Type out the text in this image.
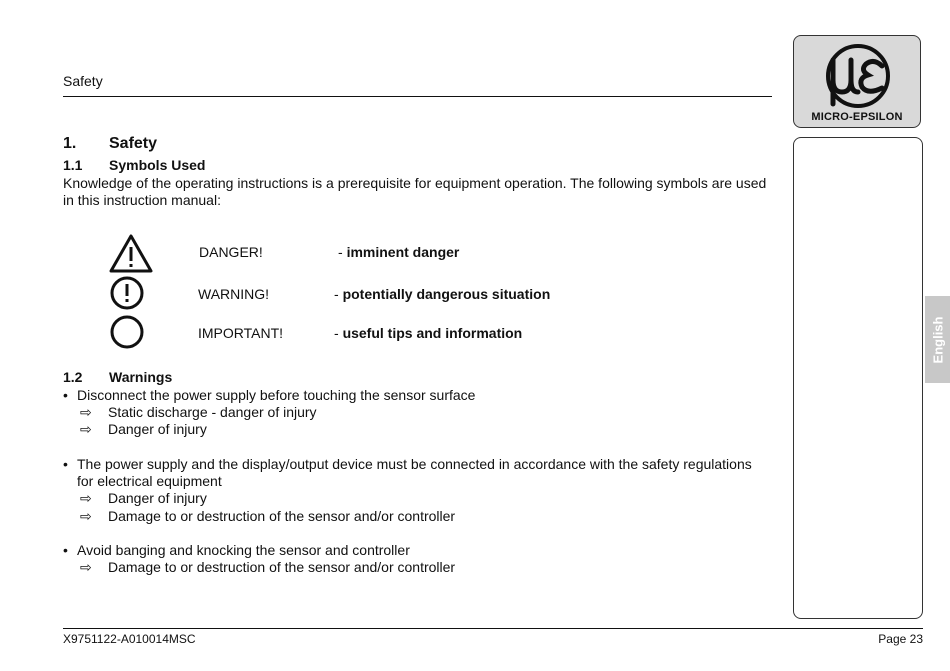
Safety
MICRO-EPSILON
English
1. Safety
1.1 Symbols Used

Knowledge of the operating instructions is a prerequisite for equipment operation. The following symbols are used in this instruction manual:

DANGER!	- imminent danger
WARNING!	- potentially dangerous situation
IMPORTANT!	- useful tips and information
1.2 Warnings
• Disconnect the power supply before touching the sensor surface
⇨	Static discharge - danger of injury
⇨	Danger of injury
• The power supply and the display/output device must be connected in accordance with the safety regulations for electrical equipment
⇨	Danger of injury
⇨	Damage to or destruction of the sensor and/or controller
• Avoid banging and knocking the sensor and controller
⇨	Damage to or destruction of the sensor and/or controller
X9751122-A010014MSC	Page 23
